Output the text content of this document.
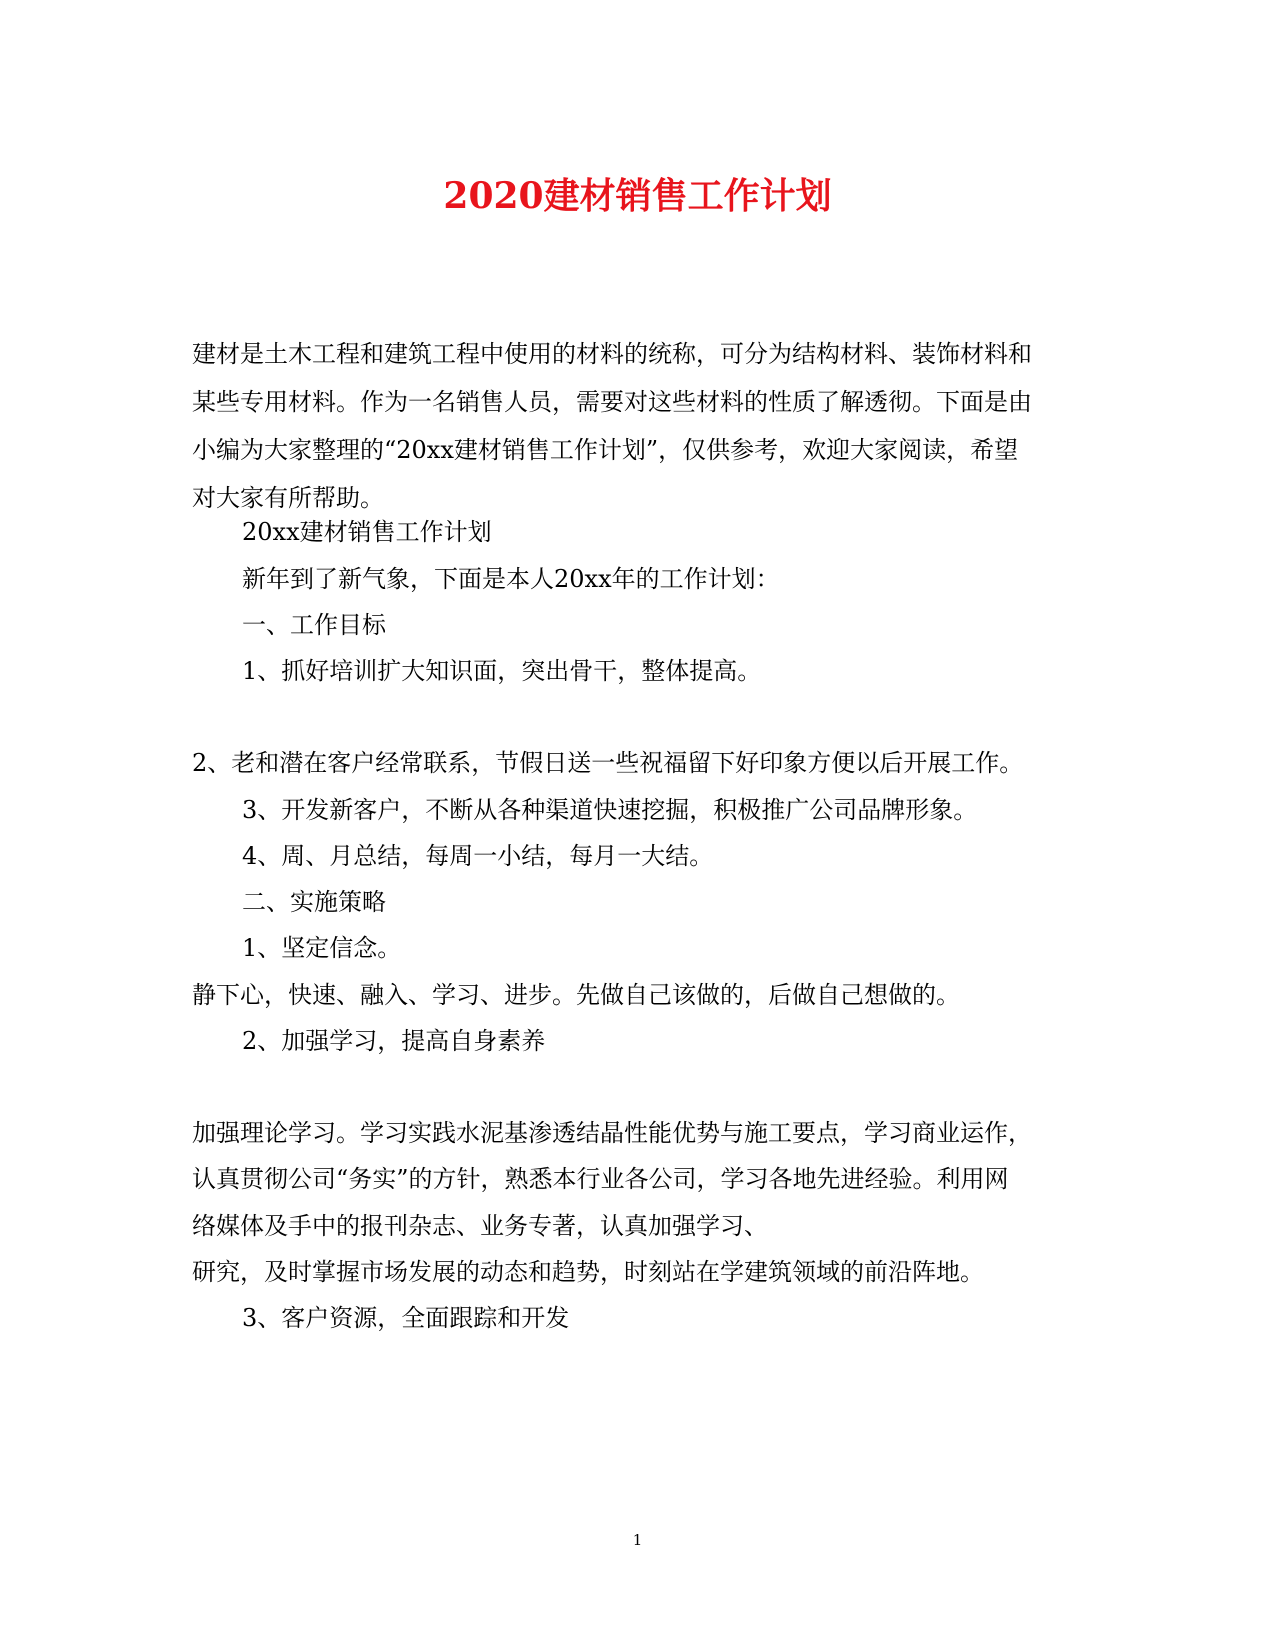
2020建材销售工作计划
建材是土木工程和建筑工程中使用的材料的统称，可分为结构材料、装饰材料和
某些专用材料。作为一名销售人员，需要对这些材料的性质了解透彻。下面是由
小编为大家整理的“20xx建材销售工作计划”，仅供参考，欢迎大家阅读，希望
对大家有所帮助。

20xx建材销售工作计划

新年到了新气象，下面是本人20xx年的工作计划：

一、工作目标

1、抓好培训扩大知识面，突出骨干，整体提高。

2、老和潜在客户经常联系，节假日送一些祝福留下好印象方便以后开展工作。

3、开发新客户，不断从各种渠道快速挖掘，积极推广公司品牌形象。

4、周、月总结，每周一小结，每月一大结。

二、实施策略

1、坚定信念。

静下心，快速、融入、学习、进步。先做自己该做的，后做自己想做的。

2、加强学习，提高自身素养

加强理论学习。学习实践水泥基渗透结晶性能优势与施工要点，学习商业运作，

认真贯彻公司“务实”的方针，熟悉本行业各公司，学习各地先进经验。利用网

络媒体及手中的报刊杂志、业务专著，认真加强学习、

研究，及时掌握市场发展的动态和趋势，时刻站在学建筑领域的前沿阵地。

3、客户资源，全面跟踪和开发

1
